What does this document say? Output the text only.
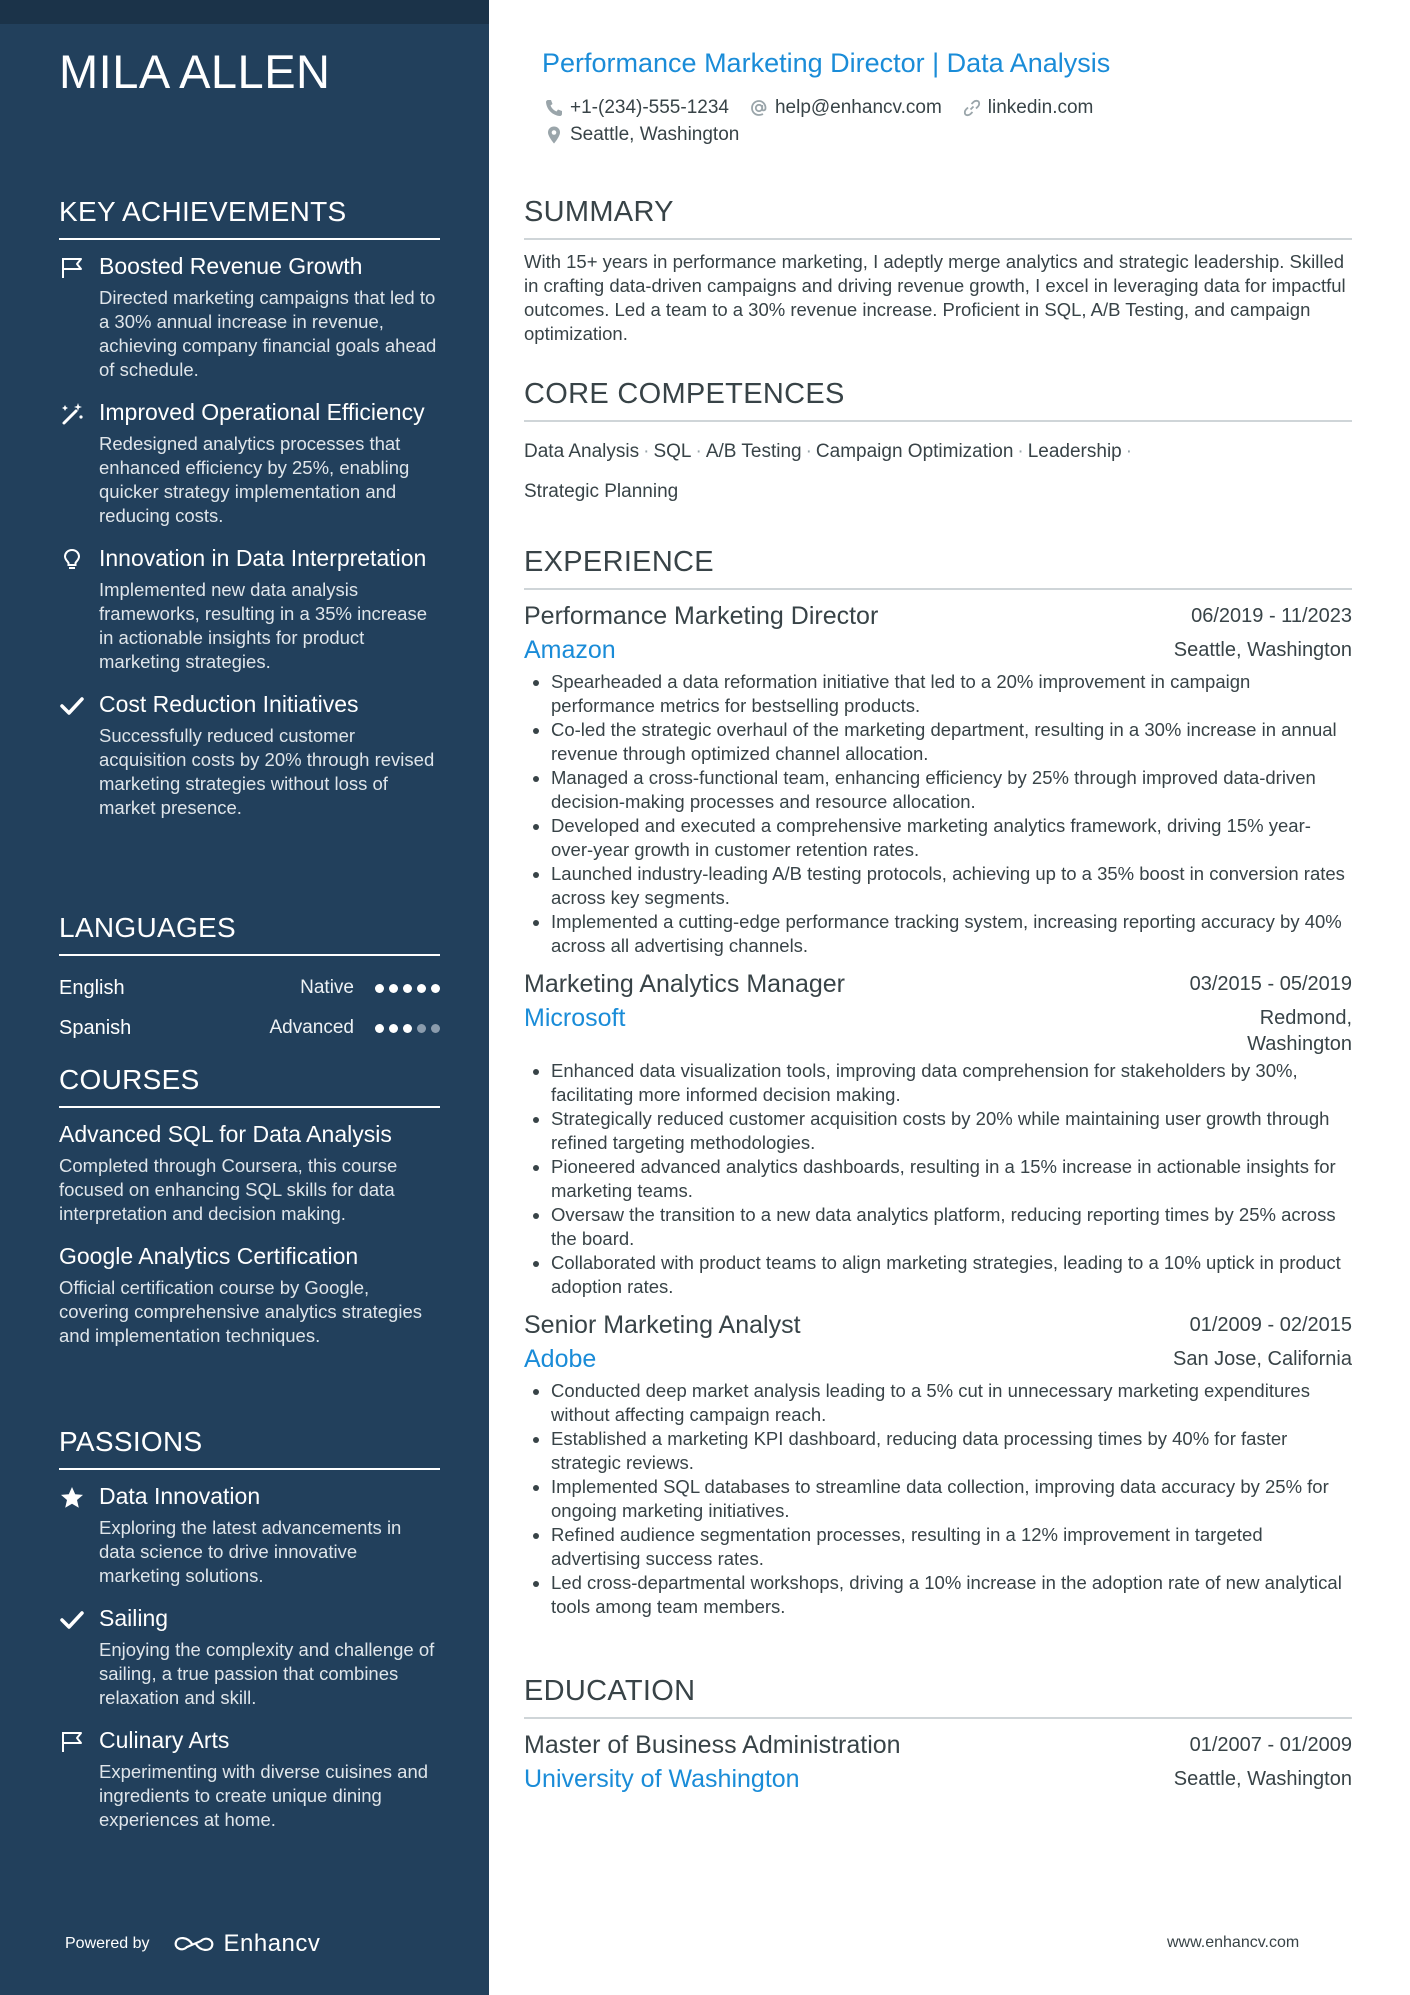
MILA ALLEN
KEY ACHIEVEMENTS
Boosted Revenue Growth
Directed marketing campaigns that led to a 30% annual increase in revenue, achieving company financial goals ahead of schedule.
Improved Operational Efficiency
Redesigned analytics processes that enhanced efficiency by 25%, enabling quicker strategy implementation and reducing costs.
Innovation in Data Interpretation
Implemented new data analysis frameworks, resulting in a 35% increase in actionable insights for product marketing strategies.
Cost Reduction Initiatives
Successfully reduced customer acquisition costs by 20% through revised marketing strategies without loss of market presence.
LANGUAGES
English	Native
Spanish	Advanced
COURSES
Advanced SQL for Data Analysis
Completed through Coursera, this course focused on enhancing SQL skills for data interpretation and decision making.
Google Analytics Certification
Official certification course by Google, covering comprehensive analytics strategies and implementation techniques.
PASSIONS
Data Innovation
Exploring the latest advancements in data science to drive innovative marketing solutions.
Sailing
Enjoying the complexity and challenge of sailing, a true passion that combines relaxation and skill.
Culinary Arts
Experimenting with diverse cuisines and ingredients to create unique dining experiences at home.
Powered by	Enhancv
Performance Marketing Director | Data Analysis
+1-(234)-555-1234 help@enhancv.com linkedin.com
Seattle, Washington
SUMMARY
With 15+ years in performance marketing, I adeptly merge analytics and strategic leadership. Skilled in crafting data-driven campaigns and driving revenue growth, I excel in leveraging data for impactful outcomes. Led a team to a 30% revenue increase. Proficient in SQL, A/B Testing, and campaign optimization.
CORE COMPETENCES
Data Analysis · SQL · A/B Testing · Campaign Optimization · Leadership ·
Strategic Planning
EXPERIENCE
Performance Marketing Director	06/2019 - 11/2023
Amazon	Seattle, Washington
• Spearheaded a data reformation initiative that led to a 20% improvement in campaign performance metrics for bestselling products.
• Co-led the strategic overhaul of the marketing department, resulting in a 30% increase in annual revenue through optimized channel allocation.
• Managed a cross-functional team, enhancing efficiency by 25% through improved data-driven decision-making processes and resource allocation.
• Developed and executed a comprehensive marketing analytics framework, driving 15% year-over-year growth in customer retention rates.
• Launched industry-leading A/B testing protocols, achieving up to a 35% boost in conversion rates across key segments.
• Implemented a cutting-edge performance tracking system, increasing reporting accuracy by 40% across all advertising channels.
Marketing Analytics Manager	03/2015 - 05/2019
Microsoft	Redmond, Washington
• Enhanced data visualization tools, improving data comprehension for stakeholders by 30%, facilitating more informed decision making.
• Strategically reduced customer acquisition costs by 20% while maintaining user growth through refined targeting methodologies.
• Pioneered advanced analytics dashboards, resulting in a 15% increase in actionable insights for marketing teams.
• Oversaw the transition to a new data analytics platform, reducing reporting times by 25% across the board.
• Collaborated with product teams to align marketing strategies, leading to a 10% uptick in product adoption rates.
Senior Marketing Analyst	01/2009 - 02/2015
Adobe	San Jose, California
• Conducted deep market analysis leading to a 5% cut in unnecessary marketing expenditures without affecting campaign reach.
• Established a marketing KPI dashboard, reducing data processing times by 40% for faster strategic reviews.
• Implemented SQL databases to streamline data collection, improving data accuracy by 25% for ongoing marketing initiatives.
• Refined audience segmentation processes, resulting in a 12% improvement in targeted advertising success rates.
• Led cross-departmental workshops, driving a 10% increase in the adoption rate of new analytical tools among team members.
EDUCATION
Master of Business Administration	01/2007 - 01/2009
University of Washington	Seattle, Washington
www.enhancv.com
